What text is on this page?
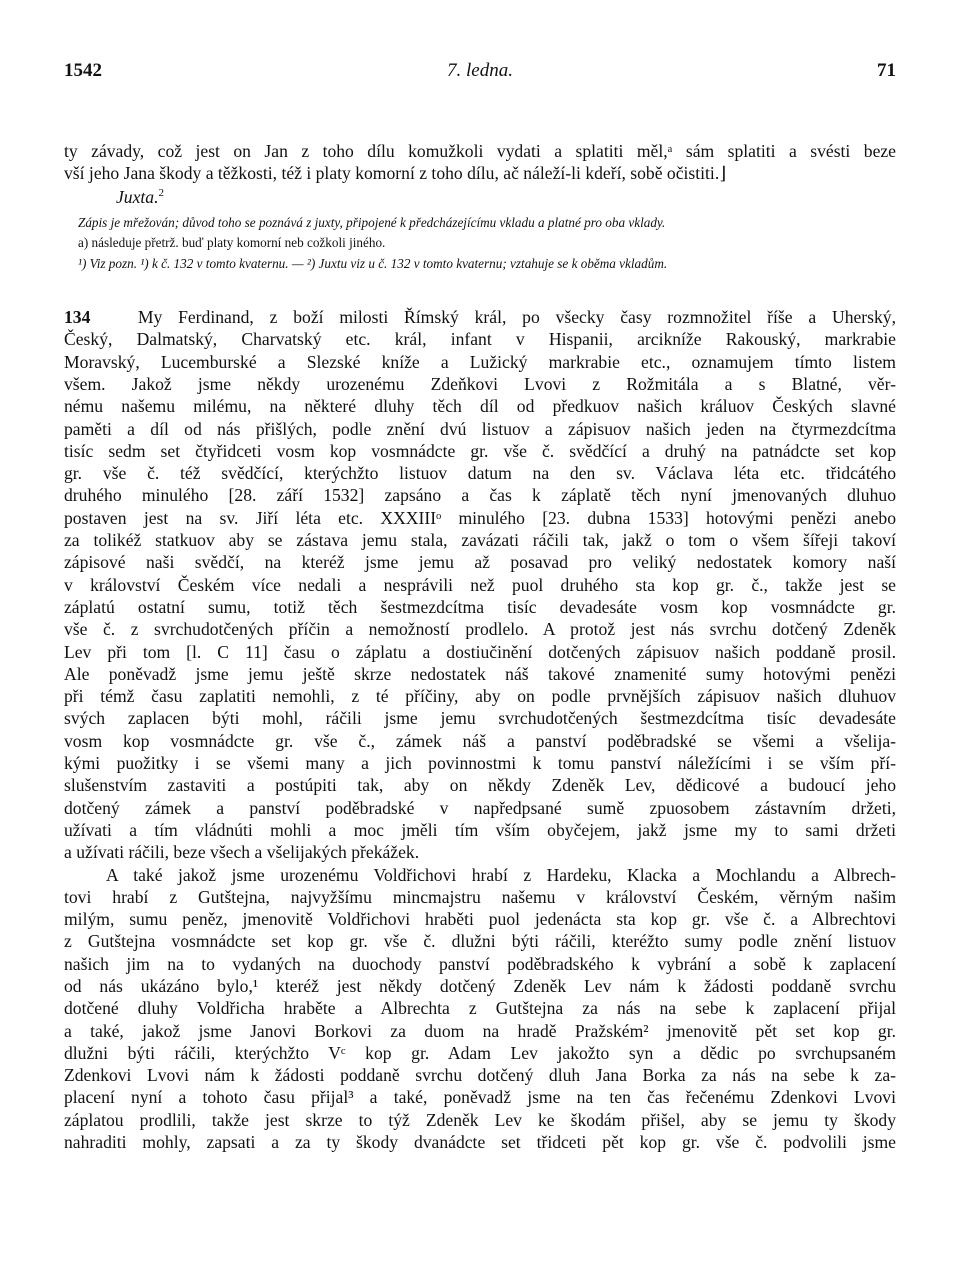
1542	7. ledna.	71
ty závady, což jest on Jan z toho dílu komužkoli vydati a splatiti měl,ᵃ sám splatiti a svésti beze
vší jeho Jana škody a těžkosti, též i platy komorní z toho dílu, ač náleží-li kdeří, sobě očistiti.⌋
Juxta.$^2$
Zápis je mřežován; důvod toho se poznává z juxty, připojené k předcházejícímu vkladu a platné pro oba vklady.
a) následuje přetrž. buď platy komorní neb cožkoli jiného.
¹) Viz pozn. ¹) k č. 132 v tomto kvaternu. — ²) Juxtu viz u č. 132 v tomto kvaternu; vztahuje se k oběma vkladům.
134	My Ferdinand, z boží milosti Římský král, po všecky časy rozmnožitel říše a Uherský,
Český, Dalmatský, Charvatský etc. král, infant v Hispanii, arcikníže Rakouský, markrabie
Moravský, Lucemburské a Slezské kníže a Lužický markrabie etc., oznamujem tímto listem
všem. Jakož jsme někdy urozenému Zdeňkovi Lvovi z Rožmitála a s Blatné, věr-
nému našemu milému, na některé dluhy těch díl od předkuov našich králuov Českých slavné
paměti a díl od nás přišlých, podle znění dvú listuov a zápisuov našich jeden na čtyrmezdcítma
tisíc sedm set čtyřidceti vosm kop vosmnádcte gr. vše č. svědčící a druhý na patnádcte set kop
gr. vše č. též svědčící, kterýchžto listuov datum na den sv. Václava léta etc. třidcátého
druhého minulého [28. září 1532] zapsáno a čas k záplatě těch nyní jmenovaných dluhuo
postaven jest na sv. Jiří léta etc. XXXIIIᵒ minulého [23. dubna 1533] hotovými penězi anebo
za tolikéž statkuov aby se zástava jemu stala, zavázati ráčili tak, jakž o tom o všem šířeji takoví
zápisové naši svědčí, na kteréž jsme jemu až posavad pro veliký nedostatek komory naší
v království Českém více nedali a nesprávili než puol druhého sta kop gr. č., takže jest se
záplatú ostatní sumu, totiž těch šestmezdcítma tisíc devadesáte vosm kop vosmnádcte gr.
vše č. z svrchudotčených příčin a nemožností prodlelo. A protož jest nás svrchu dotčený Zdeněk
Lev při tom [l. C 11] času o záplatu a dostiučinění dotčených zápisuov našich poddaně prosil.
Ale poněvadž jsme jemu ještě skrze nedostatek náš takové znamenité sumy hotovými penězi
při témž času zaplatiti nemohli, z té příčiny, aby on podle prvnějších zápisuov našich dluhuov
svých zaplacen býti mohl, ráčili jsme jemu svrchudotčených šestmezdcítma tisíc devadesáte
vosm kop vosmnádcte gr. vše č., zámek náš a panství poděbradské se všemi a všelija-
kými puožitky i se všemi many a jich povinnostmi k tomu panství náležícími i se vším pří-
slušenstvím zastaviti a postúpiti tak, aby on někdy Zdeněk Lev, dědicové a budoucí jeho
dotčený zámek a panství poděbradské v napředpsané sumě zpuosobem zástavním držeti,
užívati a tím vládnúti mohli a moc jměli tím vším obyčejem, jakž jsme my to sami držeti
a užívati ráčili, beze všech a všelijakých překážek.
A také jakož jsme urozenému Voldřichovi hrabí z Hardeku, Klacka a Mochlandu a Albrech-
tovi hrabí z Gutštejna, najvyžšímu mincmajstru našemu v království Českém, věrným našim
milým, sumu peněz, jmenovitě Voldřichovi hraběti puol jedenácta sta kop gr. vše č. a Albrechtovi
z Gutštejna vosmnádcte set kop gr. vše č. dlužni býti ráčili, kteréžto sumy podle znění listuov
našich jim na to vydaných na duochody panství poděbradského k vybrání a sobě k zaplacení
od nás ukázáno bylo,¹ kteréž jest někdy dotčený Zdeněk Lev nám k žádosti poddaně svrchu
dotčené dluhy Voldřicha hraběte a Albrechta z Gutštejna za nás na sebe k zaplacení přijal
a také, jakož jsme Janovi Borkovi za duom na hradě Pražském² jmenovitě pět set kop gr.
dlužni býti ráčili, kterýchžto Vᶜ kop gr. Adam Lev jakožto syn a dědic po svrchupsaném
Zdenkovi Lvovi nám k žádosti poddaně svrchu dotčený dluh Jana Borka za nás na sebe k za-
placení nyní a tohoto času přijal³ a také, poněvadž jsme na ten čas řečenému Zdenkovi Lvovi
záplatou prodlili, takže jest skrze to týž Zdeněk Lev ke škodám přišel, aby se jemu ty škody
nahraditi mohly, zapsati a za ty škody dvanádcte set třidceti pět kop gr. vše č. podvolili jsme
